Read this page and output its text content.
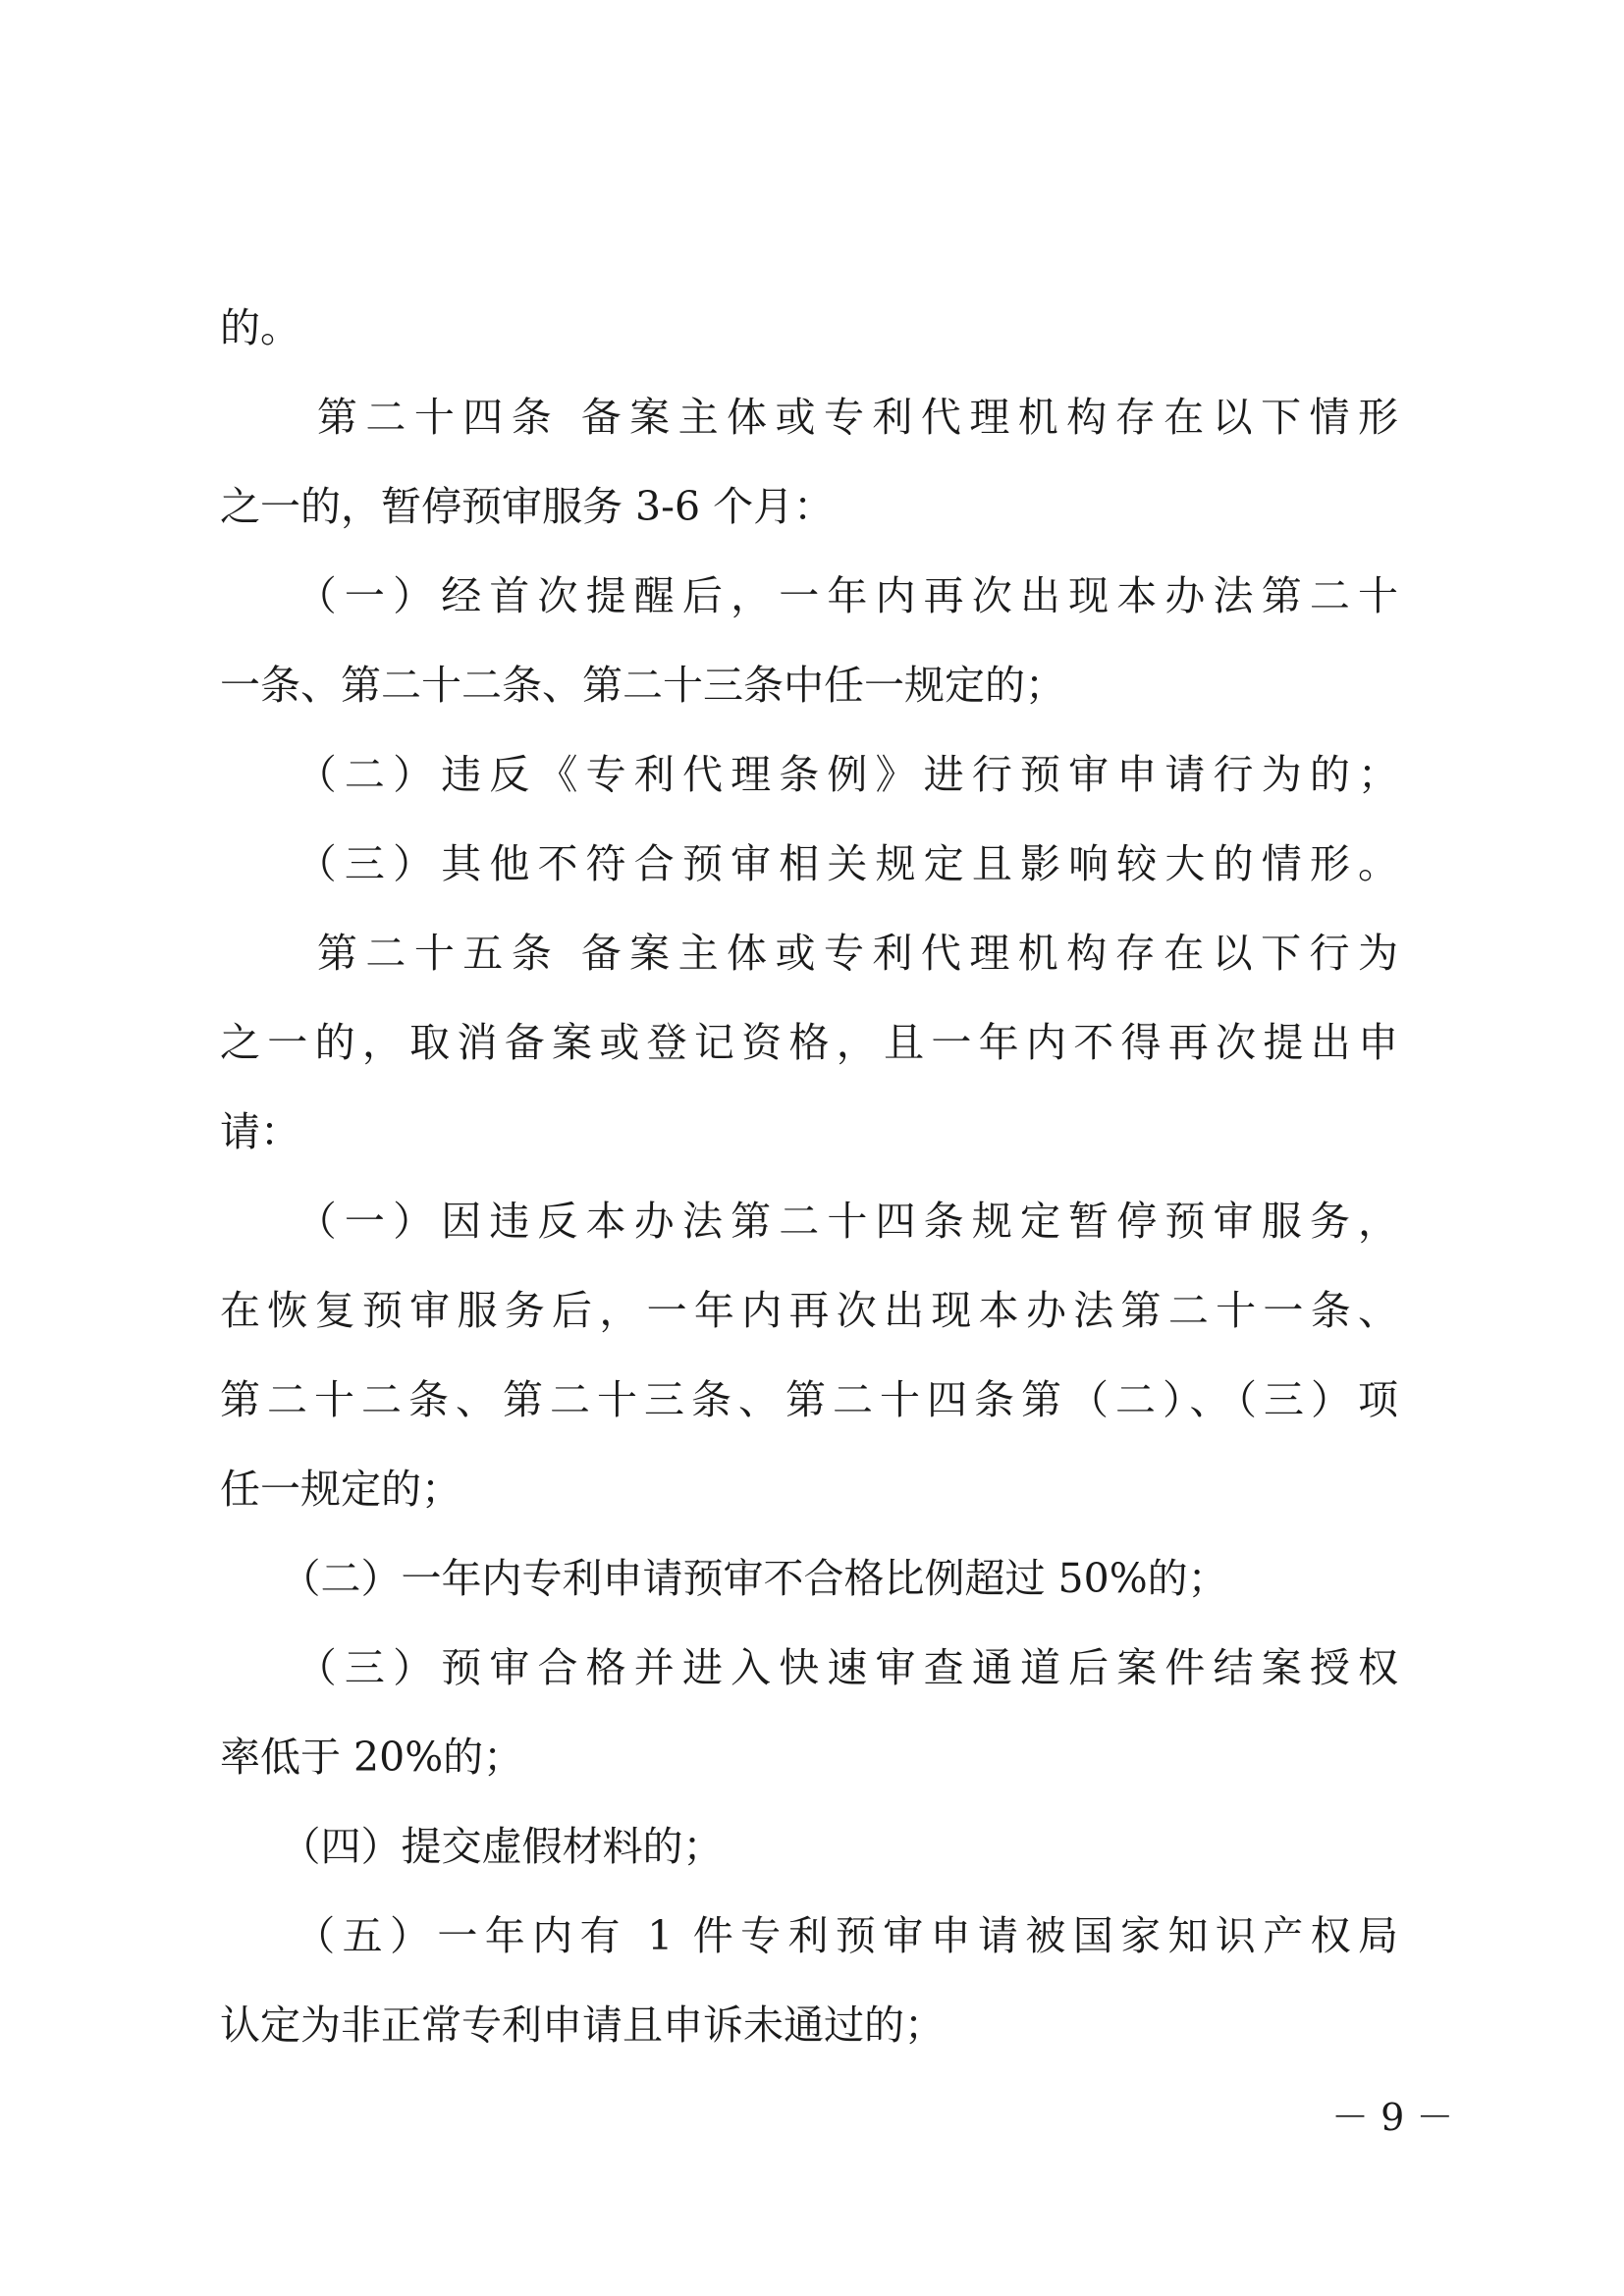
的。
　　第二十四条 备案主体或专利代理机构存在以下情形
之一的，暂停预审服务 3-6 个月：
　　（一）经首次提醒后，一年内再次出现本办法第二十
一条、第二十二条、第二十三条中任一规定的；
　　（二）违反《专利代理条例》进行预审申请行为的；
　　（三）其他不符合预审相关规定且影响较大的情形。
　　第二十五条 备案主体或专利代理机构存在以下行为
之一的，取消备案或登记资格，且一年内不得再次提出申
请：
　　（一）因违反本办法第二十四条规定暂停预审服务，
在恢复预审服务后，一年内再次出现本办法第二十一条、
第二十二条、第二十三条、第二十四条第（二）、（三）项
任一规定的；
　　（二）一年内专利申请预审不合格比例超过 50%的；
　　（三）预审合格并进入快速审查通道后案件结案授权
率低于 20%的；
　　（四）提交虚假材料的；
　　（五）一年内有 1 件专利预审申请被国家知识产权局
认定为非正常专利申请且申诉未通过的；
－ 9 －
